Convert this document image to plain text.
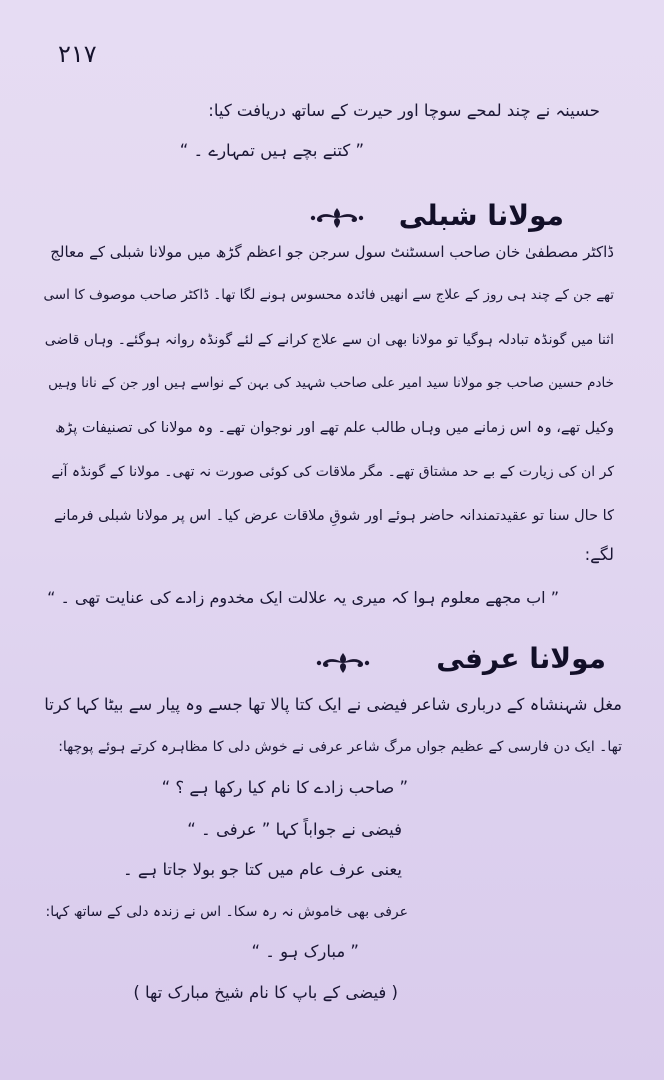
۲۱۷
حسینہ نے چند لمحے سوچا اور حیرت کے ساتھ دریافت کیا:
” کتنے بچے ہیں تمہارے ۔ “
مولانا شبلی
ڈاکٹر مصطفیٰ خان صاحب اسسٹنٹ سول سرجن جو اعظم گڑھ میں مولانا شبلی کے معالج
تھے جن کے چند ہی روز کے علاج سے انھیں فائدہ محسوس ہونے لگا تھا۔ ڈاکٹر صاحب موصوف کا اسی
اثنا میں گونڈہ تبادلہ ہوگیا تو مولانا بھی ان سے علاج کرانے کے لئے گونڈہ روانہ ہوگئے۔ وہاں قاضی
خادم حسین صاحب جو مولانا سید امیر علی صاحب شہید کی بہن کے نواسے ہیں اور جن کے نانا وہیں
وکیل تھے، وہ اس زمانے میں وہاں طالب علم تھے اور نوجوان تھے۔ وہ مولانا کی تصنیفات پڑھ
کر ان کی زیارت کے بے حد مشتاق تھے۔ مگر ملاقات کی کوئی صورت نہ تھی۔ مولانا کے گونڈہ آنے
کا حال سنا تو عقیدتمندانہ حاضر ہوئے اور شوقِ ملاقات عرض کیا۔ اس پر مولانا شبلی فرمانے
لگے:
” اب مجھے معلوم ہوا کہ میری یہ علالت ایک مخدوم زادے کی عنایت تھی ۔ “
مولانا عرفی
مغل شہنشاہ کے درباری شاعر فیضی نے ایک کتا پالا تھا جسے وہ پیار سے بیٹا کہا کرتا
تھا۔ ایک دن فارسی کے عظیم جواں مرگ شاعر عرفی نے خوش دلی کا مظاہرہ کرتے ہوئے پوچھا:
” صاحب زادے کا نام کیا رکھا ہے ؟ “
فیضی نے جواباً کہا ” عرفی ۔ “
یعنی عرف عام میں کتا جو بولا جاتا ہے ۔
عرفی بھی خاموش نہ رہ سکا۔ اس نے زندہ دلی کے ساتھ کہا:
” مبارک ہو ۔ “
( فیضی کے باپ کا نام شیخ مبارک تھا )
